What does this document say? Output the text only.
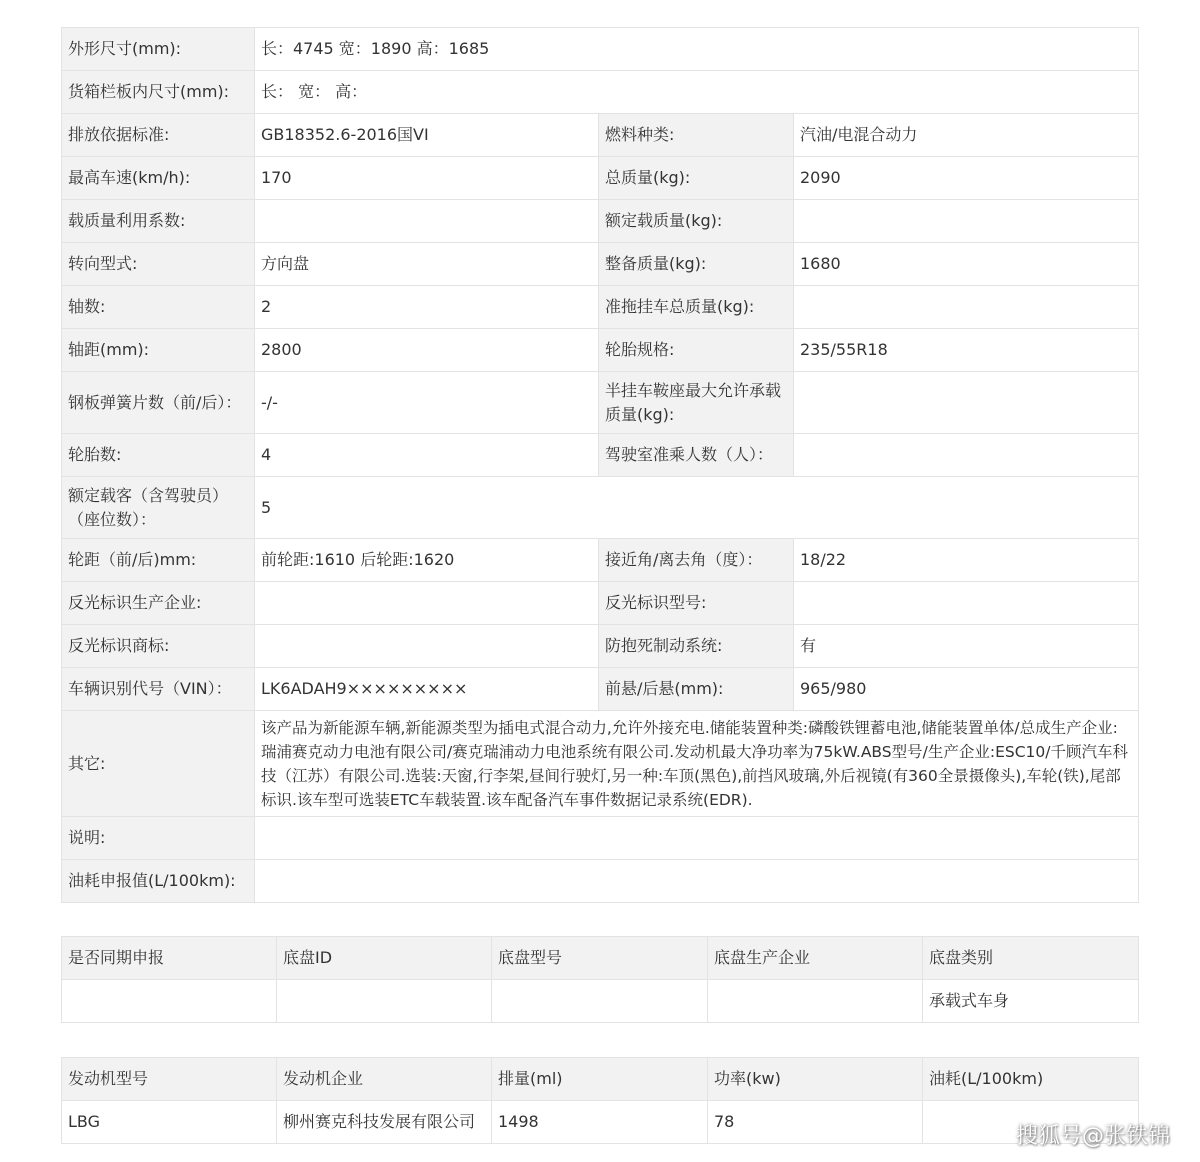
外形尺寸(mm):	长：4745 宽：1890 高：1685		
货箱栏板内尺寸(mm):	长： 宽： 高：		
排放依据标准:	GB18352.6-2016国VI	燃料种类:	汽油/电混合动力
最高车速(km/h):	170	总质量(kg):	2090
载质量利用系数:		额定载质量(kg):	
转向型式:	方向盘	整备质量(kg):	1680
轴数:	2	准拖挂车总质量(kg):	
轴距(mm):	2800	轮胎规格:	235/55R18
钢板弹簧片数（前/后）：	-/-	半挂车鞍座最大允许承载质量(kg):	
轮胎数:	4	驾驶室准乘人数（人）：	
额定载客（含驾驶员）（座位数）：	5		
轮距（前/后)mm:	前轮距:1610 后轮距:1620	接近角/离去角（度）：	18/22
反光标识生产企业:		反光标识型号:	
反光标识商标:		防抱死制动系统:	有
车辆识别代号（VIN）：	LK6ADAH9×××××××××	前悬/后悬(mm):	965/980
其它:	该产品为新能源车辆,新能源类型为插电式混合动力,允许外接充电.储能装置种类:磷酸铁锂蓄电池,储能装置单体/总成生产企业:瑞浦赛克动力电池有限公司/赛克瑞浦动力电池系统有限公司.发动机最大净功率为75kW.ABS型号/生产企业:ESC10/千顾汽车科技（江苏）有限公司.选装:天窗,行李架,昼间行驶灯,另一种:车顶(黑色),前挡风玻璃,外后视镜(有360全景摄像头),车轮(铁),尾部标识.该车型可选装ETC车载装置.该车配备汽车事件数据记录系统(EDR).		
说明:			
油耗申报值(L/100km):			
是否同期申报	底盘ID	底盘型号	底盘生产企业	底盘类别
				承载式车身
发动机型号	发动机企业	排量(ml)	功率(kw)	油耗(L/100km)
LBG	柳州赛克科技发展有限公司	1498	78	
搜狐号@张铁锦
